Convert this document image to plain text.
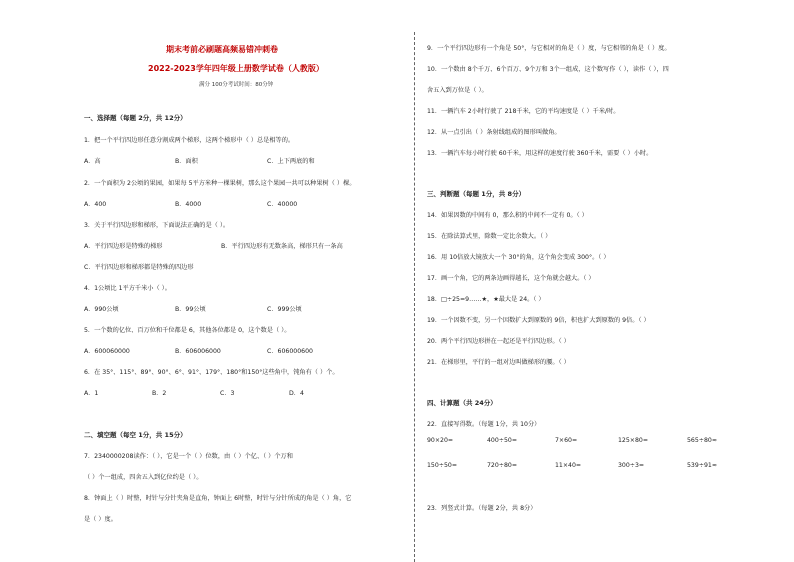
期末考前必刷题高频易错冲刺卷
2022-2023学年四年级上册数学试卷（人教版）
满分 100分考试时间：80分钟
一、选择题（每题 2分，共 12分）
1．把一个平行四边形任意分割成两个梯形，这两个梯形中（ ）总是相等的。
A．高	B．面积	C．上下两底的和
2．一个面积为 2公顷的果园，如果每 5平方米种一棵果树，那么这个果园一共可以种果树（ ）棵。
A．400	B．4000	C．40000
3．关于平行四边形和梯形，下面说法正确的是（ ）。
A．平行四边形是特殊的梯形	B．平行四边形有无数条高，梯形只有一条高
C．平行四边形和梯形都是特殊的四边形
4．1公顷比 1平方千米小（ ）。
A．990公顷	B．99公顷	C．999公顷
5．一个数的亿位、百万位和千位都是 6，其他各位都是 0，这个数是（ ）。
A．600060000	B．606006000	C．606000600
6．在 35°、115°、89°、90°、6°、91°、179°、180°和150°这些角中，钝角有（ ）个。
A．1	B．2	C．3	D．4
二、填空题（每空 1分，共 15分）
7．2340000208读作：（ ），它是一个（ ）位数，由（ ）个亿、（ ）个万和
（ ）个一组成，四舍五入到亿位约是（ ）。
8．钟面上（ ）时整，时针与分针夹角是直角，钟面上 6时整，时针与分针所成的角是（ ）角，它
是（ ）度。
9．一个平行四边形有一个角是 50°，与它相对的角是（ ）度，与它相邻的角是（ ）度。
10．一个数由 8个千万、6个百万、9个万和 3个一组成，这个数写作（ ），读作（ ），四
舍五入到万位是（ ）。
11．一辆汽车 2小时行驶了 218千米，它的平均速度是（ ）千米/时。
12．从一点引出（ ）条射线组成的图形叫做角。
13．一辆汽车每小时行驶 60千米，用这样的速度行驶 360千米，需要（ ）小时。
三、判断题（每题 1分，共 8分）
14．如果因数的中间有 0，那么积的中间不一定有 0。（ ）
15．在除法算式里，除数一定比余数大。（ ）
16．用 10倍放大镜放大一个 30°的角，这个角会变成 300°。（ ）
17．画一个角，它的两条边画得越长，这个角就会越大。（ ）
18．□÷25=9……★，★最大是 24。（ ）
19．一个因数不变，另一个因数扩大到原数的 9倍，积也扩大到原数的 9倍。（ ）
20．两个平行四边形拼在一起还是平行四边形。（ ）
21．在梯形里，平行的一组对边叫做梯形的腰。（ ）
四、计算题（共 24分）
22．直接写得数。（每题 1分，共 10分）
90×20=	400÷50=	7×60=	125×80=	565÷80≈
150÷50=	720÷80=	11×40=	300÷3=	539÷91≈
23．列竖式计算。（每题 2分，共 8分）
